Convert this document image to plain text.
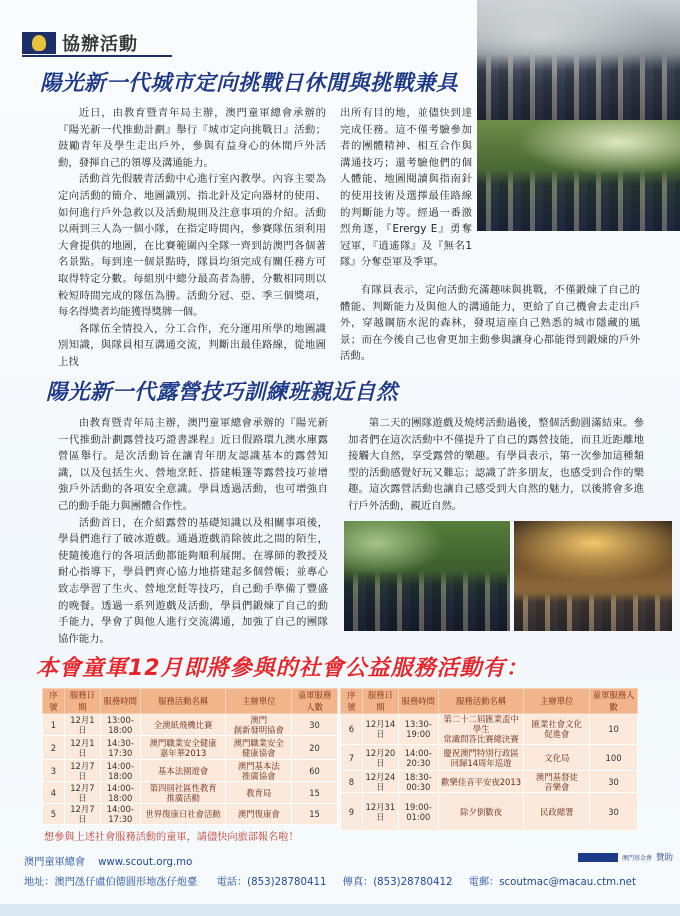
協辦活動
陽光新一代城市定向挑戰日休閒與挑戰兼具

近日，由教育暨青年局主辦，澳門童軍總會承辦的『陽光新一代推動計劃』舉行『城市定向挑戰日』活動；鼓勵青年及學生走出戶外，參與有益身心的休閒戶外活動，發揮自己的領導及溝通能力。

活動首先假駿青活動中心進行室內教學。內容主要為定向活動的簡介、地圖識別、指北針及定向器材的使用、如何進行戶外急救以及活動規則及注意事項的介紹。活動以兩到三人為一個小隊，在指定時間內，參賽隊伍須利用大會提供的地圖，在比賽範圍內全隊一齊到訪澳門各個著名景點。每到達一個景點時，隊員均須完成有關任務方可取得特定分數。每組別中總分最高者為勝，分數相同則以較短時間完成的隊伍為勝。活動分冠、亞、季三個獎項，每名得獎者均能獲得獎牌一個。

各隊伍全情投入，分工合作，充分運用所學的地圖識別知識，與隊員相互溝通交流，判斷出最佳路線，從地圖上找

出所有目的地，並儘快到達完成任務。這不僅考驗參加者的團體精神、相互合作與溝通技巧；還考驗他們的個人體能、地圖閱讀與指南針的使用技術及選擇最佳路線的判斷能力等。經過一番激烈角逐，『Erergy E』勇奪冠軍，『逍遙隊』及『無名1隊』分奪亞軍及季軍。

有隊員表示，定向活動充滿趣味與挑戰，不僅鍛煉了自己的體能、判斷能力及與他人的溝通能力，更給了自己機會去走出戶外，穿越鋼筋水泥的森林，發現這座自己熟悉的城市隱藏的風景；而在今後自己也會更加主動參與讓身心都能得到鍛煉的戶外活動。

陽光新一代露營技巧訓練班親近自然

由教育暨青年局主辦，澳門童軍總會承辦的『陽光新一代推動計劃露營技巧證書課程』近日假路環九澳水庫露營區舉行。是次活動旨在讓青年朋友認識基本的露營知識，以及包括生火、營地烹飪、搭建帳篷等露營技巧並增強戶外活動的各項安全意識。學員透過活動，也可增強自己的動手能力與團體合作性。

活動首日，在介紹露營的基礎知識以及相關事項後，學員們進行了破冰遊戲。通過遊戲消除彼此之間的陌生，使隨後進行的各項活動都能夠順利展開。在導師的教授及耐心指導下，學員們齊心協力地搭建起多個營帳；並專心致志學習了生火、營地烹飪等技巧，自己動手準備了豐盛的晚餐。透過一系列遊戲及活動，學員們鍛煉了自己的動手能力，學會了與他人進行交流溝通，加強了自己的團隊協作能力。

第二天的團隊遊戲及燒烤活動過後，整個活動圓滿結束。參加者們在這次活動中不僅提升了自己的露營技能，而且近距離地接觸大自然，享受露營的樂趣。有學員表示，第一次參加這種類型的活動感覺好玩又難忘；認識了許多朋友，也感受到合作的樂趣。這次露營活動也讓自己感受到大自然的魅力，以後將會多進行戶外活動，親近自然。

本會童軍12月即將參與的社會公益服務活動有：
序 號	服務日期	服務時間	服務活動名稱	主辦單位	童軍服務人數
1	12月1日	13:00-18:00	全澳紙飛機比賽	澳門
創新發明協會	30
2	12月1日	14:30-17:30	澳門職業安全健康
嘉年華2013	澳門職業安全
健康協會	20
3	12月7日	14:00-18:00	基本法園遊會	澳門基本法
推廣協會	60
4	12月7日	14:00-18:00	第四屆社區性教育
推廣活動	教育局	15
5	12月7日	14:00-17:30	世界復康日社會活動	澳門復康會	15
序 號	服務日期	服務時間	服務活動名稱	主辦單位	童軍服務人數
6	12月14日	13:30-19:00	第二十二屆匯業盃中學生
常識問答比賽總決賽	匯業社會文化
促進會	10
7	12月20日	14:00-20:30	慶祝澳門特別行政區
回歸14周年巡遊	文化局	100
8	12月24日	18:30-00:30	歡樂佳音平安夜2013	澳門基督徒
音樂會	30
9	12月31日	19:00-01:00	除夕倒數夜	民政總署	30
想參與上述社會服務活動的童軍，請儘快向旅部報名啦！
澳門童軍總會 www.scout.org.mo
地址：澳門氹仔盧伯德圓形地氹仔炮臺 電話：(853)28780411 傳真：(853)28780412 電郵：scoutmac@macau.ctm.net
澳門基金會 贊助
